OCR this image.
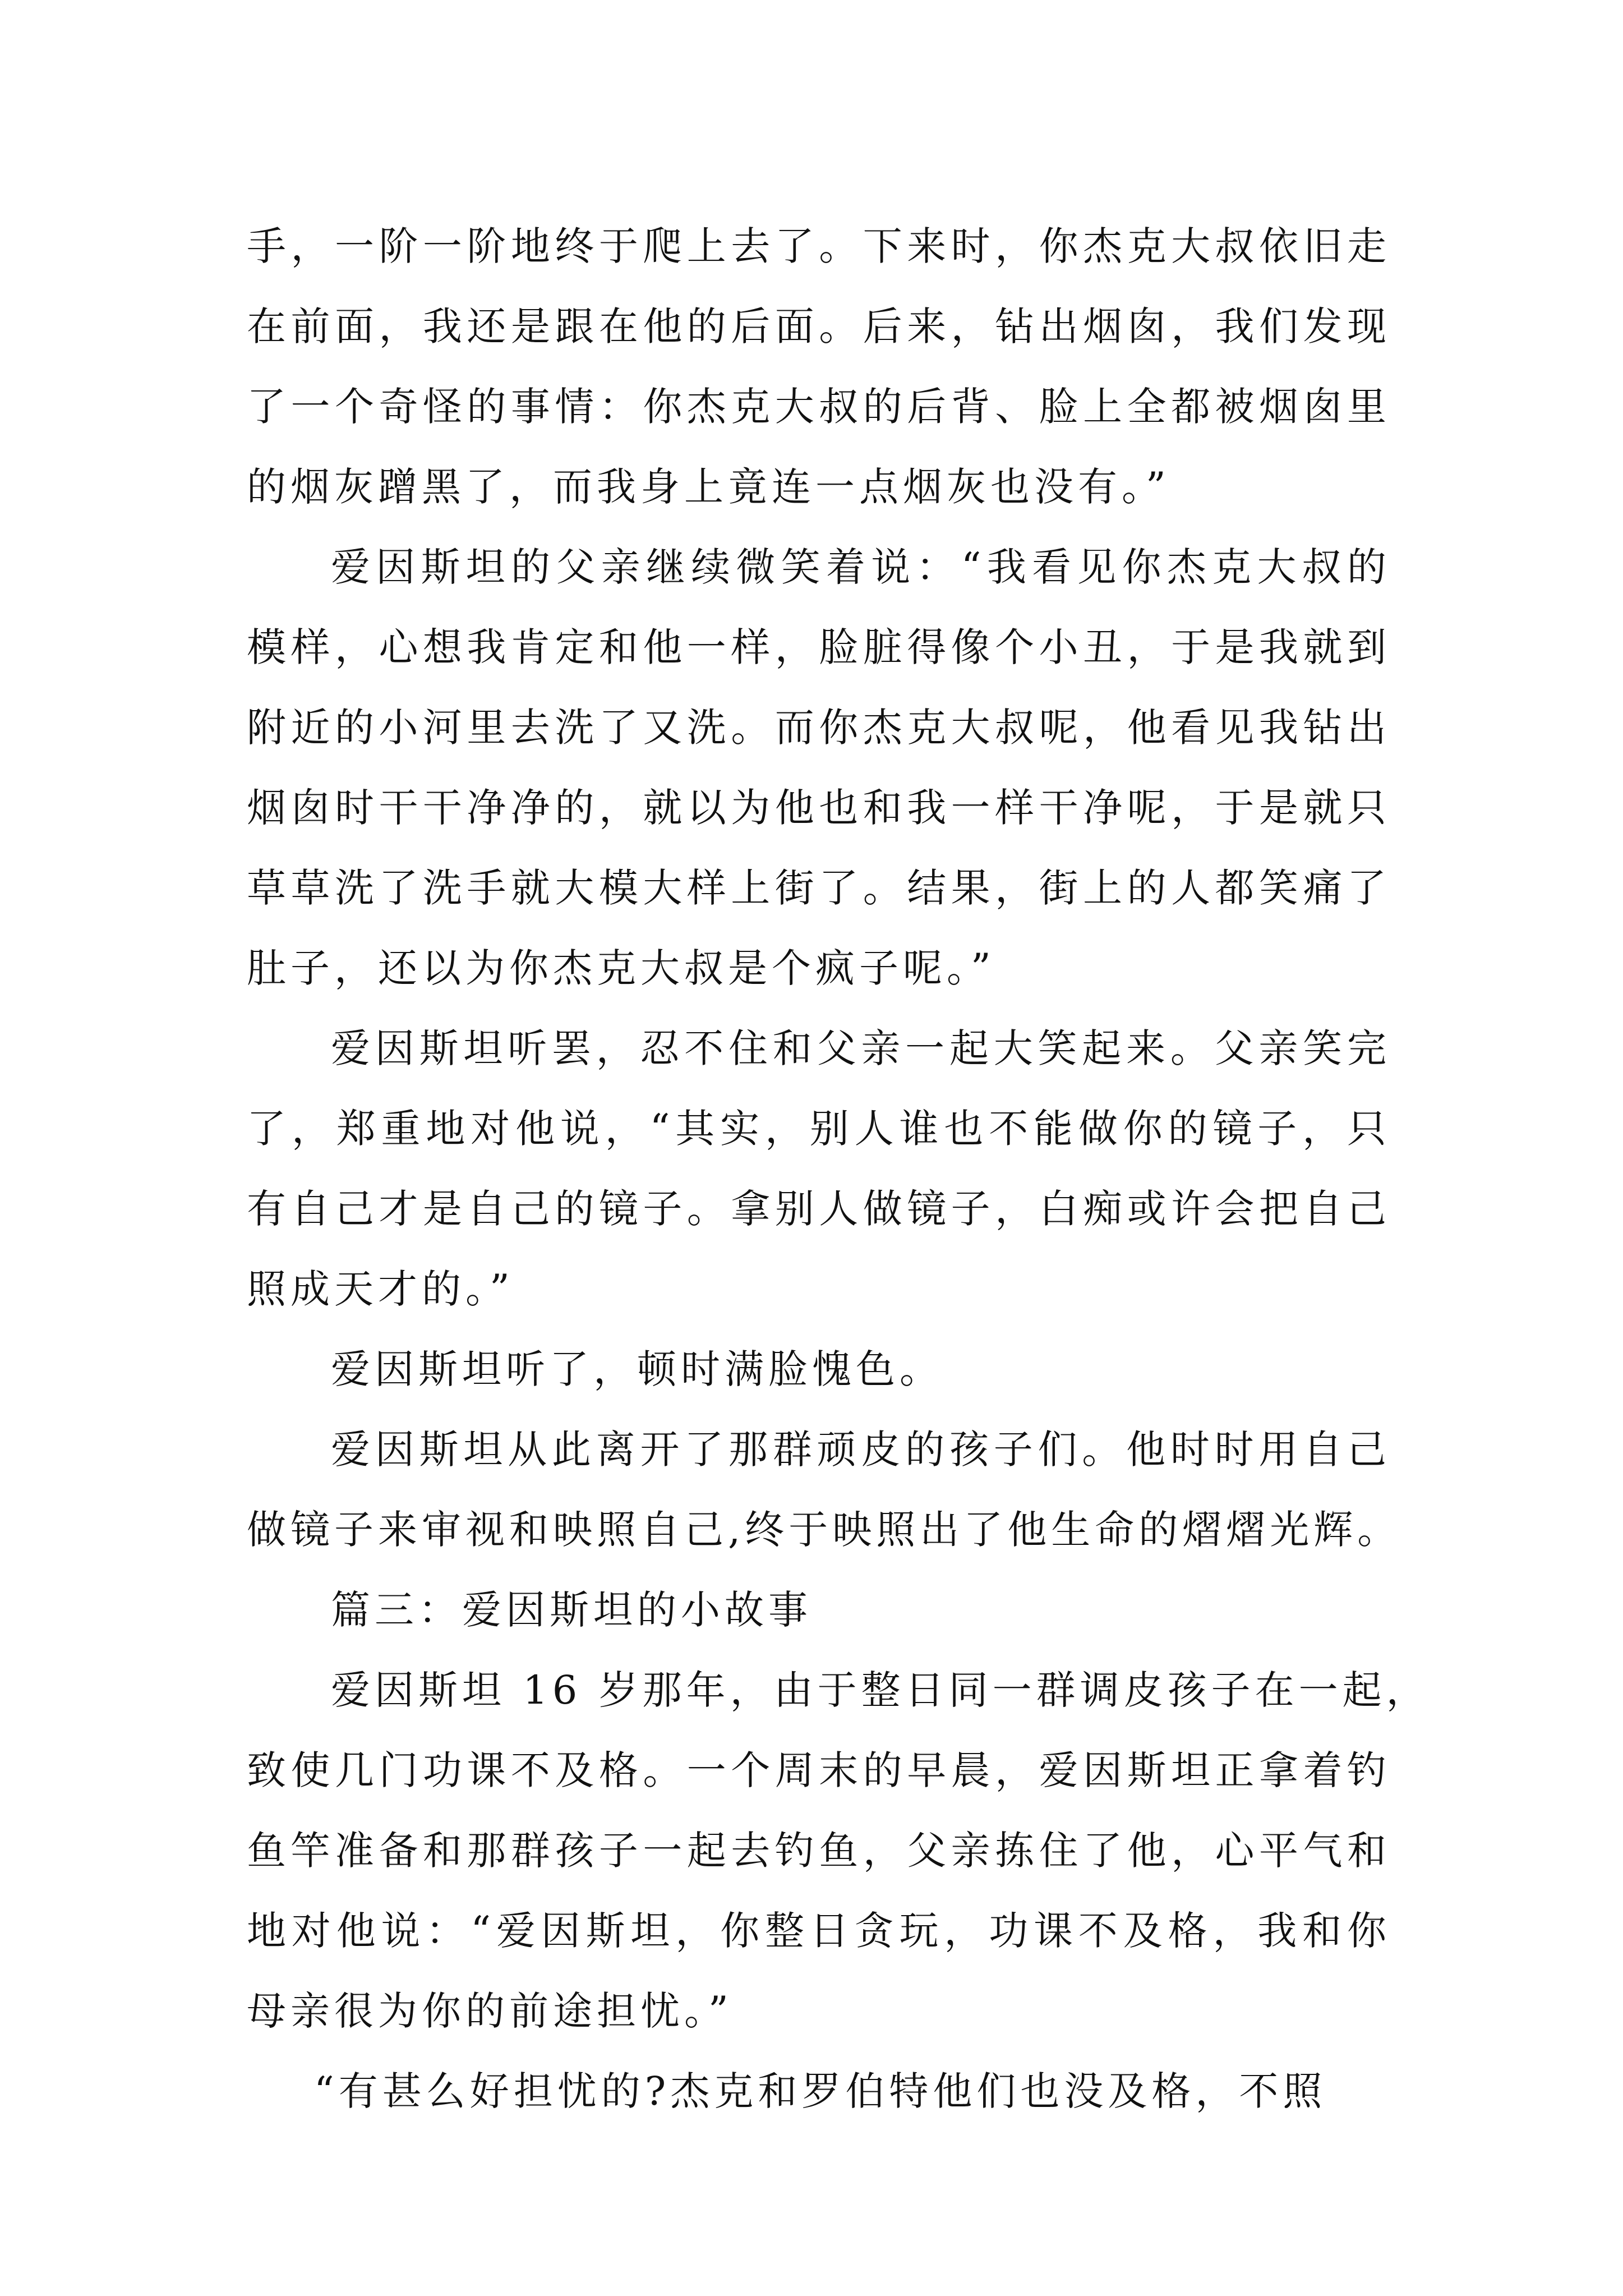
手，一阶一阶地终于爬上去了。下来时，你杰克大叔依旧走
在前面，我还是跟在他的后面。后来，钻出烟囱，我们发现
了一个奇怪的事情：你杰克大叔的后背、脸上全都被烟囱里
的烟灰蹭黑了，而我身上竟连一点烟灰也没有。”
爱因斯坦的父亲继续微笑着说：“我看见你杰克大叔的
模样，心想我肯定和他一样，脸脏得像个小丑，于是我就到
附近的小河里去洗了又洗。而你杰克大叔呢，他看见我钻出
烟囱时干干净净的，就以为他也和我一样干净呢，于是就只
草草洗了洗手就大模大样上街了。结果，街上的人都笑痛了
肚子，还以为你杰克大叔是个疯子呢。”
爱因斯坦听罢，忍不住和父亲一起大笑起来。父亲笑完
了，郑重地对他说，“其实，别人谁也不能做你的镜子，只
有自己才是自己的镜子。拿别人做镜子，白痴或许会把自己
照成天才的。”
爱因斯坦听了，顿时满脸愧色。
爱因斯坦从此离开了那群顽皮的孩子们。他时时用自己
做镜子来审视和映照自己,终于映照出了他生命的熠熠光辉。
篇三：爱因斯坦的小故事
爱因斯坦 16 岁那年，由于整日同一群调皮孩子在一起，
致使几门功课不及格。一个周末的早晨，爱因斯坦正拿着钓
鱼竿准备和那群孩子一起去钓鱼，父亲拣住了他，心平气和
地对他说：“爱因斯坦，你整日贪玩，功课不及格，我和你
母亲很为你的前途担忧。”
“有甚么好担忧的?杰克和罗伯特他们也没及格，不照
